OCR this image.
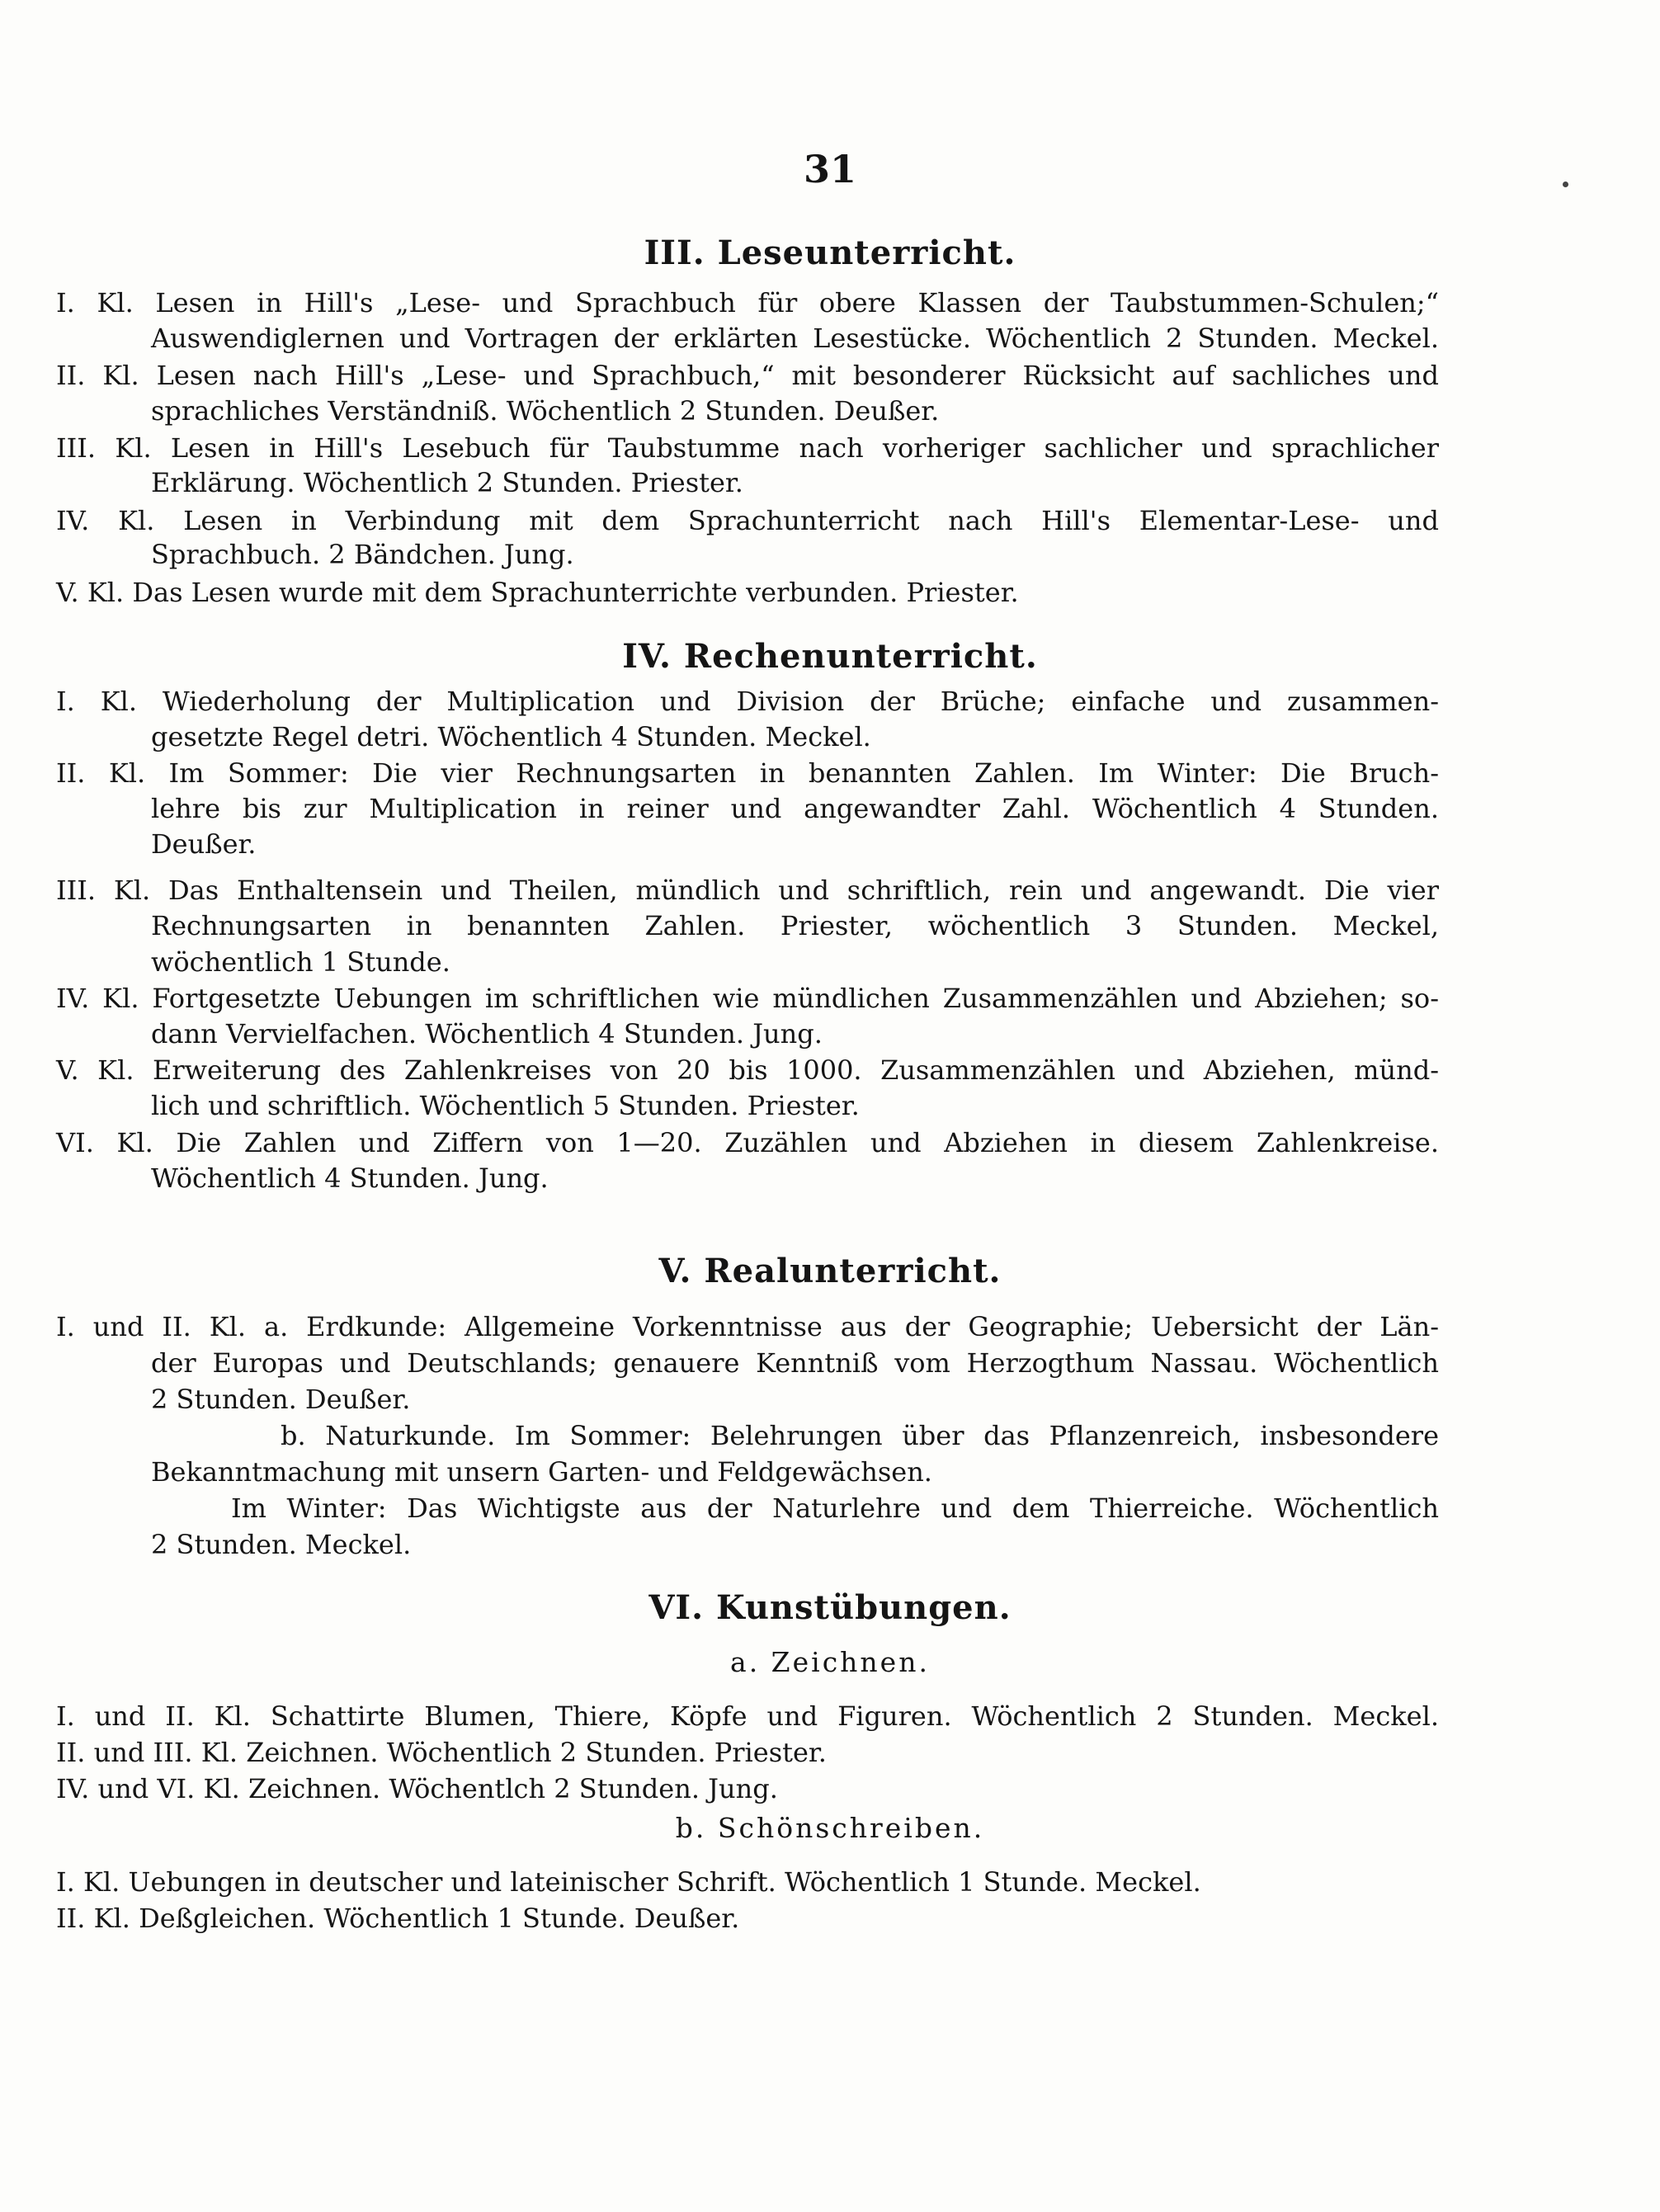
31
III. Leseunterricht.
I. Kl. Lesen in Hill's „Lese- und Sprachbuch für obere Klassen der Taubstummen-Schulen;“
Auswendiglernen und Vortragen der erklärten Lesestücke. Wöchentlich 2 Stunden. Meckel.
II. Kl. Lesen nach Hill's „Lese- und Sprachbuch,“ mit besonderer Rücksicht auf sachliches und
sprachliches Verständniß. Wöchentlich 2 Stunden. Deußer.
III. Kl. Lesen in Hill's Lesebuch für Taubstumme nach vorheriger sachlicher und sprachlicher
Erklärung. Wöchentlich 2 Stunden. Priester.
IV. Kl. Lesen in Verbindung mit dem Sprachunterricht nach Hill's Elementar-Lese- und
Sprachbuch. 2 Bändchen. Jung.
V. Kl. Das Lesen wurde mit dem Sprachunterrichte verbunden. Priester.
IV. Rechenunterricht.
I. Kl. Wiederholung der Multiplication und Division der Brüche; einfache und zusammen-
gesetzte Regel detri. Wöchentlich 4 Stunden. Meckel.
II. Kl. Im Sommer: Die vier Rechnungsarten in benannten Zahlen. Im Winter: Die Bruch-
lehre bis zur Multiplication in reiner und angewandter Zahl. Wöchentlich 4 Stunden.
Deußer.
III. Kl. Das Enthaltensein und Theilen, mündlich und schriftlich, rein und angewandt. Die vier
Rechnungsarten in benannten Zahlen. Priester, wöchentlich 3 Stunden. Meckel,
wöchentlich 1 Stunde.
IV. Kl. Fortgesetzte Uebungen im schriftlichen wie mündlichen Zusammenzählen und Abziehen; so-
dann Vervielfachen. Wöchentlich 4 Stunden. Jung.
V. Kl. Erweiterung des Zahlenkreises von 20 bis 1000. Zusammenzählen und Abziehen, münd-
lich und schriftlich. Wöchentlich 5 Stunden. Priester.
VI. Kl. Die Zahlen und Ziffern von 1—20. Zuzählen und Abziehen in diesem Zahlenkreise.
Wöchentlich 4 Stunden. Jung.
V. Realunterricht.
I. und II. Kl. a. Erdkunde: Allgemeine Vorkenntnisse aus der Geographie; Uebersicht der Län-
der Europas und Deutschlands; genauere Kenntniß vom Herzogthum Nassau. Wöchentlich
2 Stunden. Deußer.
b. Naturkunde. Im Sommer: Belehrungen über das Pflanzenreich, insbesondere
Bekanntmachung mit unsern Garten- und Feldgewächsen.
Im Winter: Das Wichtigste aus der Naturlehre und dem Thierreiche. Wöchentlich
2 Stunden. Meckel.
VI. Kunstübungen.
a. Zeichnen.
I. und II. Kl. Schattirte Blumen, Thiere, Köpfe und Figuren. Wöchentlich 2 Stunden. Meckel.
II. und III. Kl. Zeichnen. Wöchentlich 2 Stunden. Priester.
IV. und VI. Kl. Zeichnen. Wöchentlch 2 Stunden. Jung.
b. Schönschreiben.
I. Kl. Uebungen in deutscher und lateinischer Schrift. Wöchentlich 1 Stunde. Meckel.
II. Kl. Deßgleichen. Wöchentlich 1 Stunde. Deußer.
